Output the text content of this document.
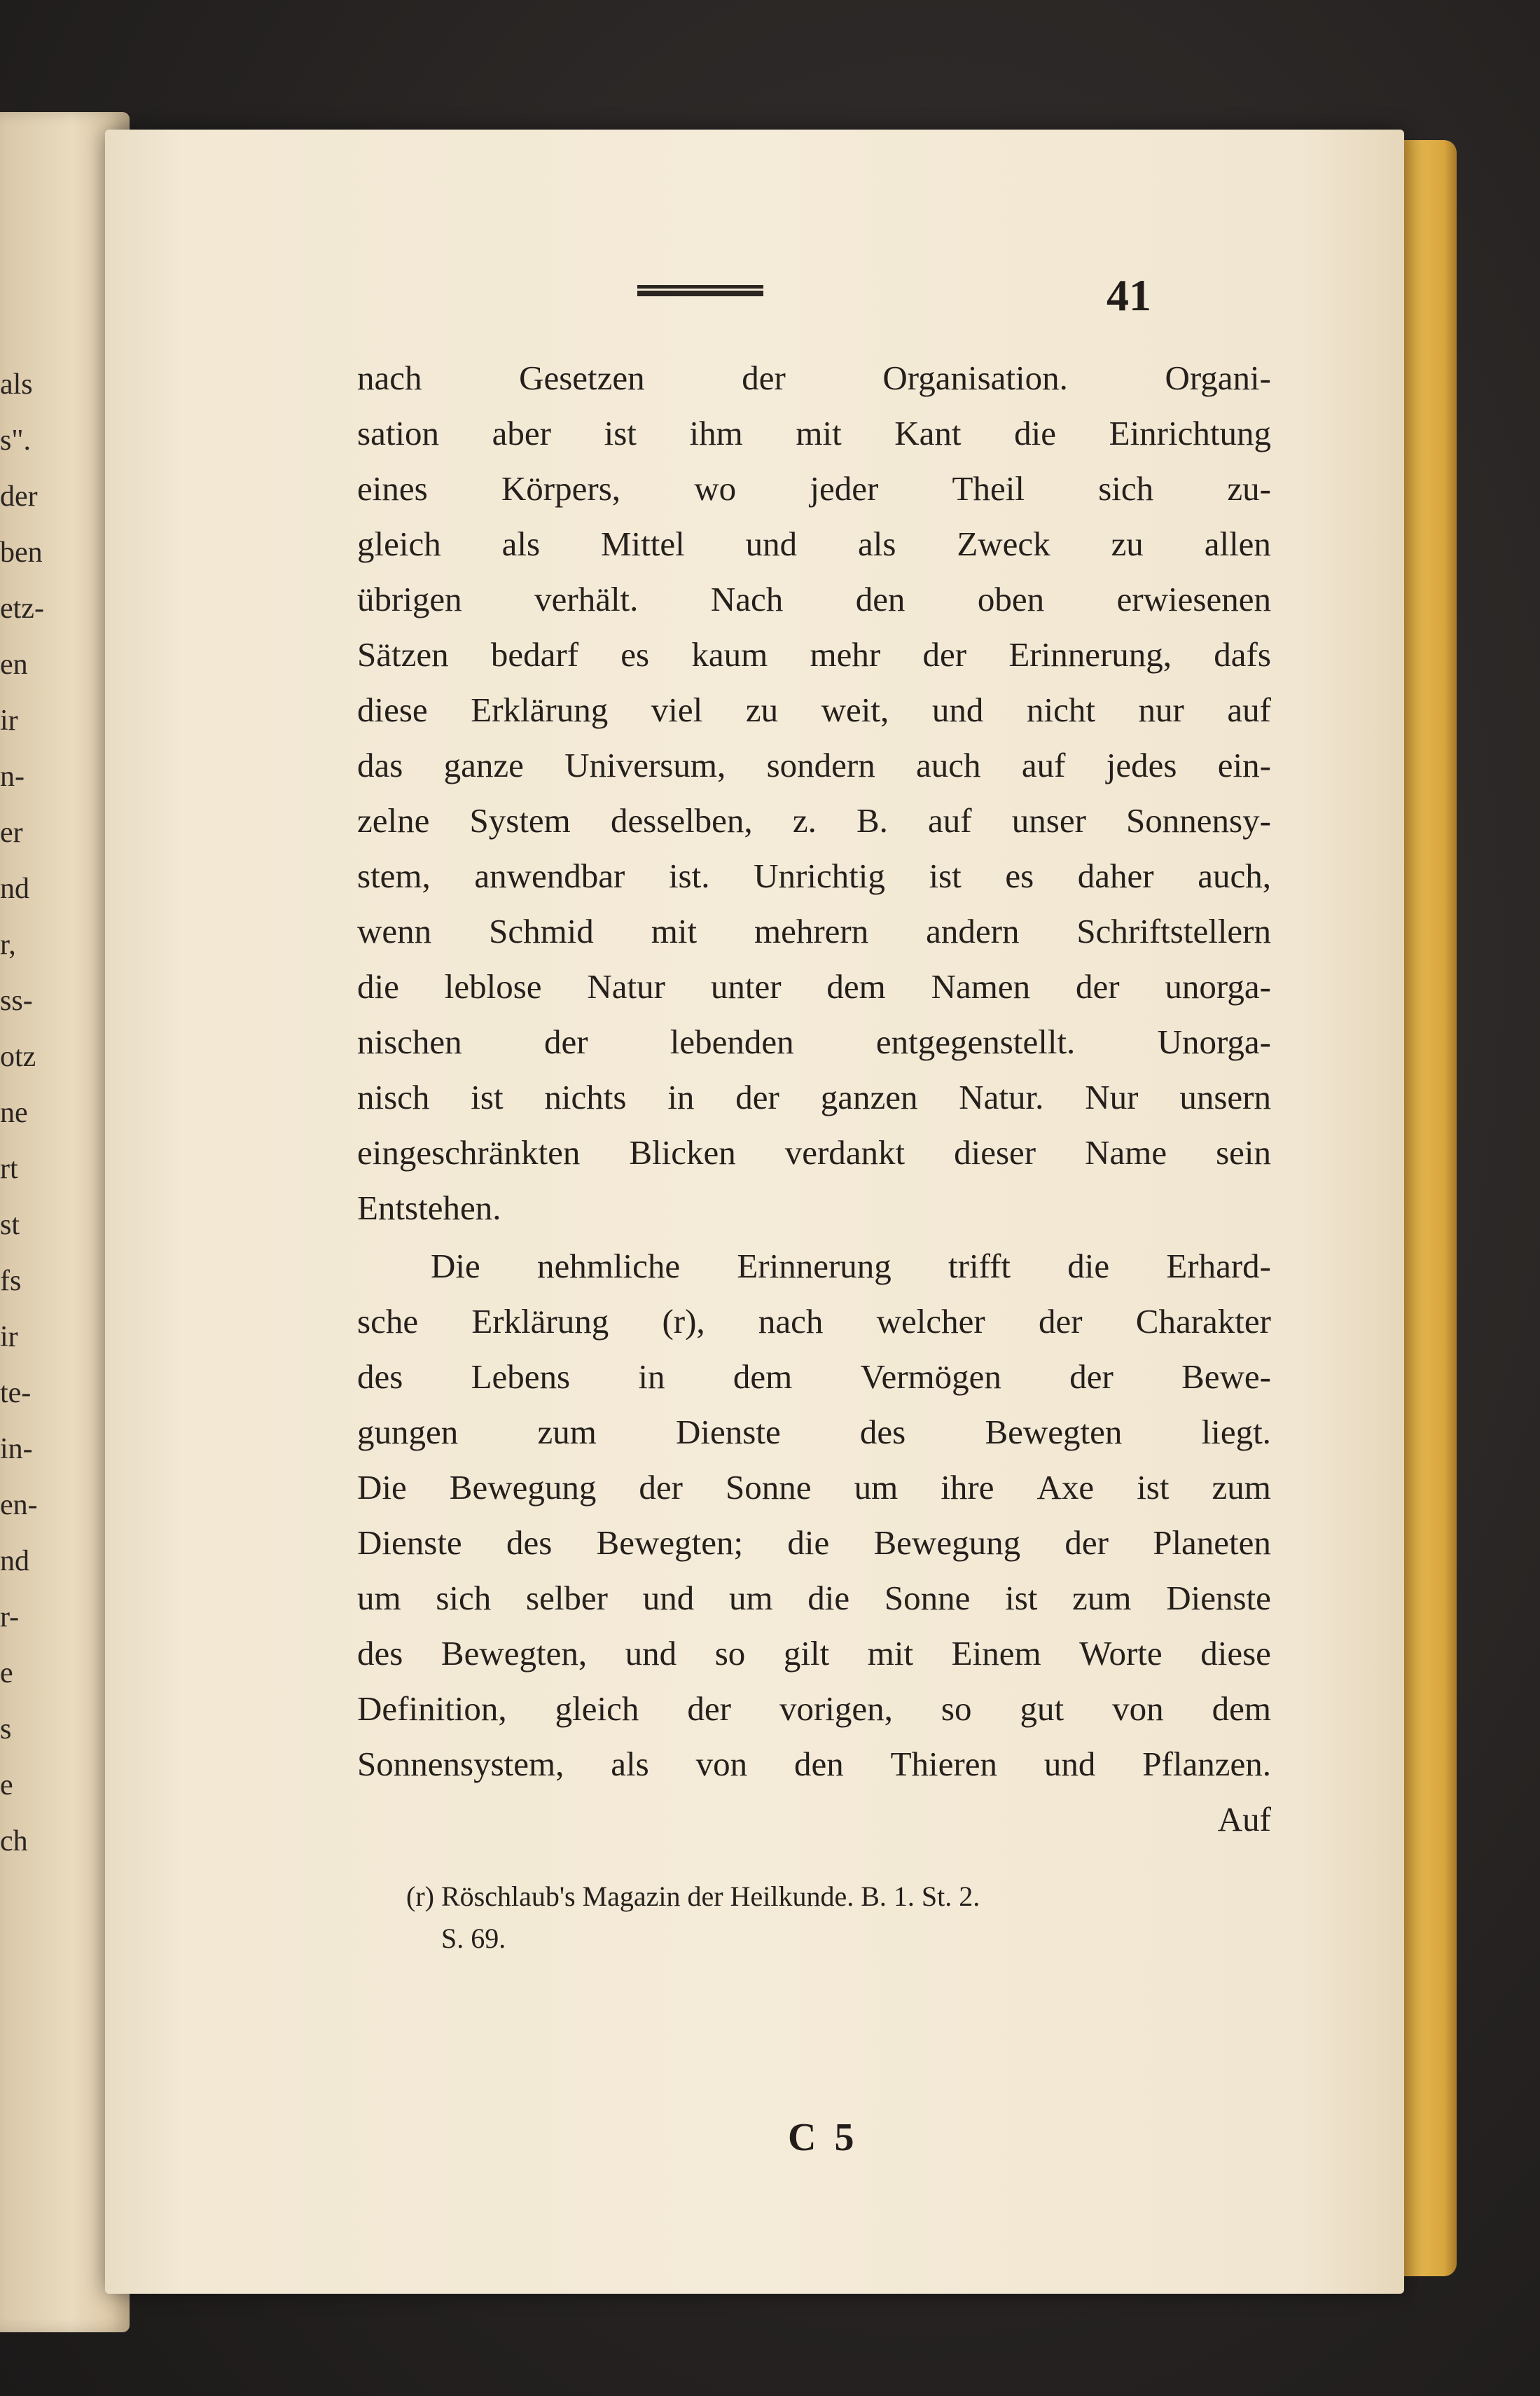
als
s".
der
ben
etz-
en
ir
n-
er
nd
r,
ss-
otz
ne
rt
st
fs
ir
te-
in-
en-
nd
r-
e
s
e
ch
41
nach	Gesetzen	der	Organisation.	Organi-
sation aber ist ihm mit Kant die Einrichtung
eines Körpers, wo jeder Theil sich zu-
gleich als Mittel und als Zweck zu allen
übrigen verhält. Nach den oben erwiesenen
Sätzen bedarf es kaum mehr der Erinnerung, dafs
diese Erklärung viel zu weit, und nicht nur auf
das ganze Universum, sondern auch auf jedes ein-
zelne System desselben, z. B. auf unser Sonnensy-
stem, anwendbar ist. Unrichtig ist es daher auch,
wenn Schmid mit mehrern andern Schriftstellern
die leblose Natur unter dem Namen der unorga-
nischen der lebenden entgegenstellt. Unorga-
nisch ist nichts in der ganzen Natur. Nur unsern
eingeschränkten Blicken verdankt dieser Name sein
Entstehen.
Die nehmliche Erinnerung trifft die Erhard-
sche Erklärung (r), nach welcher der Charakter
des Lebens in dem Vermögen der Bewe-
gungen zum Dienste des Bewegten liegt.
Die Bewegung der Sonne um ihre Axe ist zum
Dienste des Bewegten; die Bewegung der Planeten
um sich selber und um die Sonne ist zum Dienste
des Bewegten, und so gilt mit Einem Worte diese
Definition, gleich der vorigen, so gut von dem
Sonnensystem, als von den Thieren und Pflanzen.
Auf
(r) Röschlaub's Magazin der Heilkunde. B. 1. St. 2.
S. 69.
C 5
